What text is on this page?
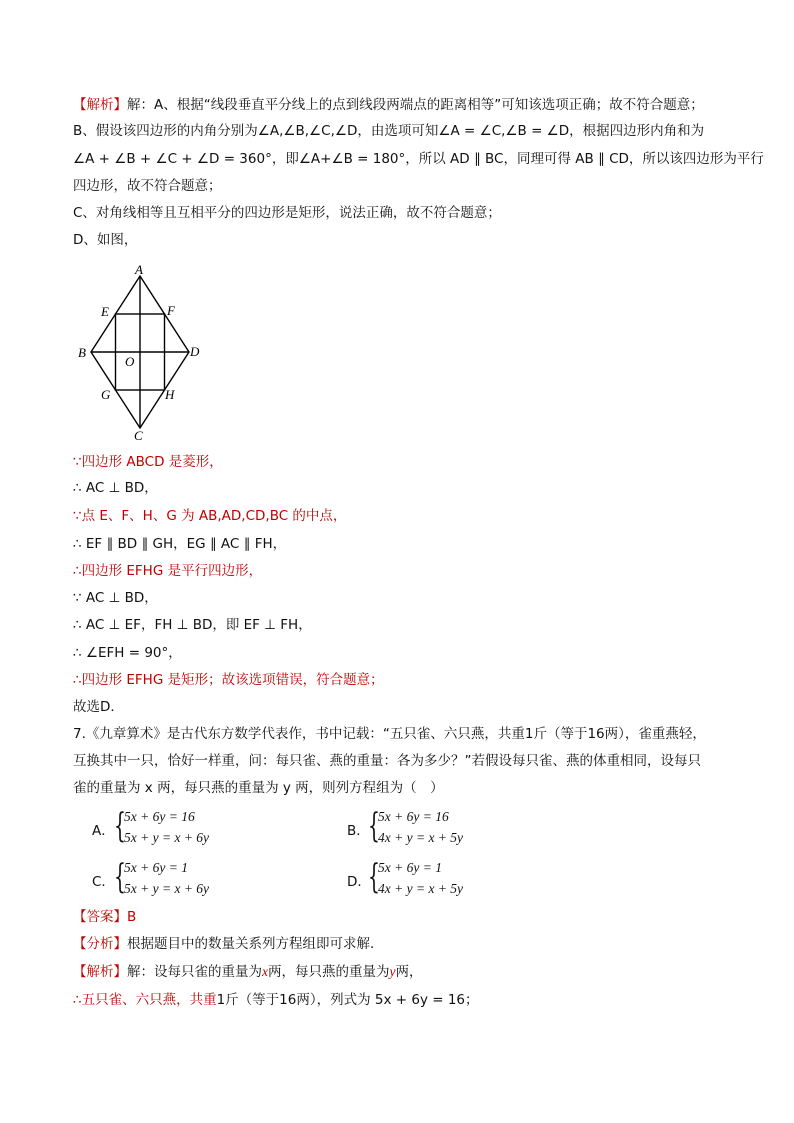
【解析】解：A、根据“线段垂直平分线上的点到线段两端点的距离相等”可知该选项正确；故不符合题意；
B、假设该四边形的内角分别为∠A,∠B,∠C,∠D，由选项可知∠A = ∠C,∠B = ∠D，根据四边形内角和为
∠A + ∠B + ∠C + ∠D = 360°，即∠A+∠B = 180°，所以 AD ∥ BC，同理可得 AB ∥ CD，所以该四边形为平行
四边形，故不符合题意；
C、对角线相等且互相平分的四边形是矩形，说法正确，故不符合题意；
D、如图，
A
B
C
D
E	F
G	H
O
∵四边形 ABCD 是菱形，
∴ AC ⊥ BD，
∵点 E、F、H、G 为 AB,AD,CD,BC 的中点，
∴ EF ∥ BD ∥ GH，EG ∥ AC ∥ FH，
∴四边形 EFHG 是平行四边形，
∵ AC ⊥ BD，
∴ AC ⊥ EF，FH ⊥ BD，即 EF ⊥ FH，
∴ ∠EFH = 90°，
∴四边形 EFHG 是矩形；故该选项错误，符合题意；
故选D．
7.《九章算术》是古代东方数学代表作，书中记载：“五只雀、六只燕，共重1斤（等于16两），雀重燕轻，
互换其中一只，恰好一样重，问：每只雀、燕的重量：各为多少？”若假设每只雀、燕的体重相同，设每只
雀的重量为 x 两，每只燕的重量为 y 两，则列方程组为（　）
A． {
5x + 6y = 16
5x + y = x + 6y	B．
{
5x + 6y = 16
4x + y = x + 5y
C． {
5x + 6y = 1
5x + y = x + 6y	D．
{
5x + 6y = 1
4x + y = x + 5y
【答案】B
【分析】根据题目中的数量关系列方程组即可求解．
【解析】解：设每只雀的重量为x两，每只燕的重量为y两，
∴五只雀、六只燕，共重1斤（等于16两），列式为 5x + 6y = 16；
